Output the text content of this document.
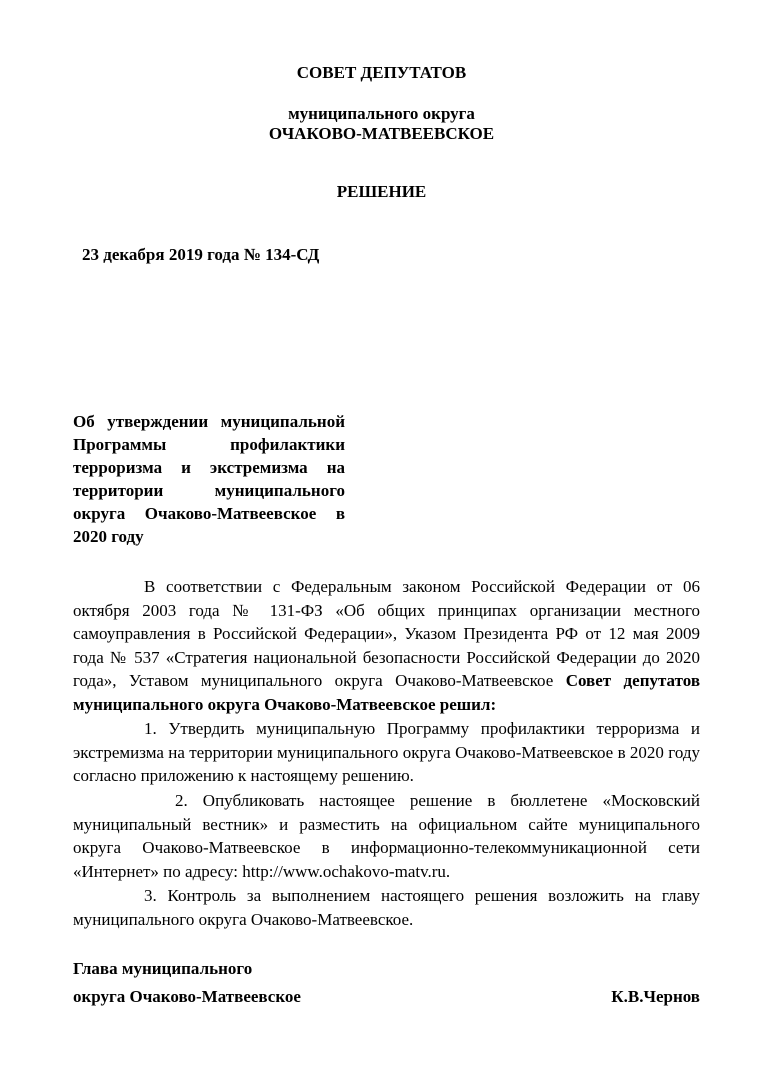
СОВЕТ ДЕПУТАТОВ
муниципального округа
ОЧАКОВО-МАТВЕЕВСКОЕ
РЕШЕНИЕ
23 декабря 2019 года № 134-СД
Об утверждении муниципальной Программы профилактики терроризма и экстремизма на территории муниципального округа Очаково-Матвеевское в 2020 году
В соответствии с Федеральным законом Российской Федерации от 06 октября 2003 года № 131-ФЗ «Об общих принципах организации местного самоуправления в Российской Федерации», Указом Президента РФ от 12 мая 2009 года № 537 «Стратегия национальной безопасности Российской Федерации до 2020 года», Уставом муниципального округа Очаково-Матвеевское Совет депутатов муниципального округа Очаково-Матвеевское решил:
1. Утвердить муниципальную Программу профилактики терроризма и экстремизма на территории муниципального округа Очаково-Матвеевское в 2020 году согласно приложению к настоящему решению.
2. Опубликовать настоящее решение в бюллетене «Московский муниципальный вестник» и разместить на официальном сайте муниципального округа Очаково-Матвеевское в информационно-телекоммуникационной сети «Интернет» по адресу: http://www.ochakovo-matv.ru.
3. Контроль за выполнением настоящего решения возложить на главу муниципального округа Очаково-Матвеевское.
Глава муниципального
округа Очаково-Матвеевское	К.В.Чернов
